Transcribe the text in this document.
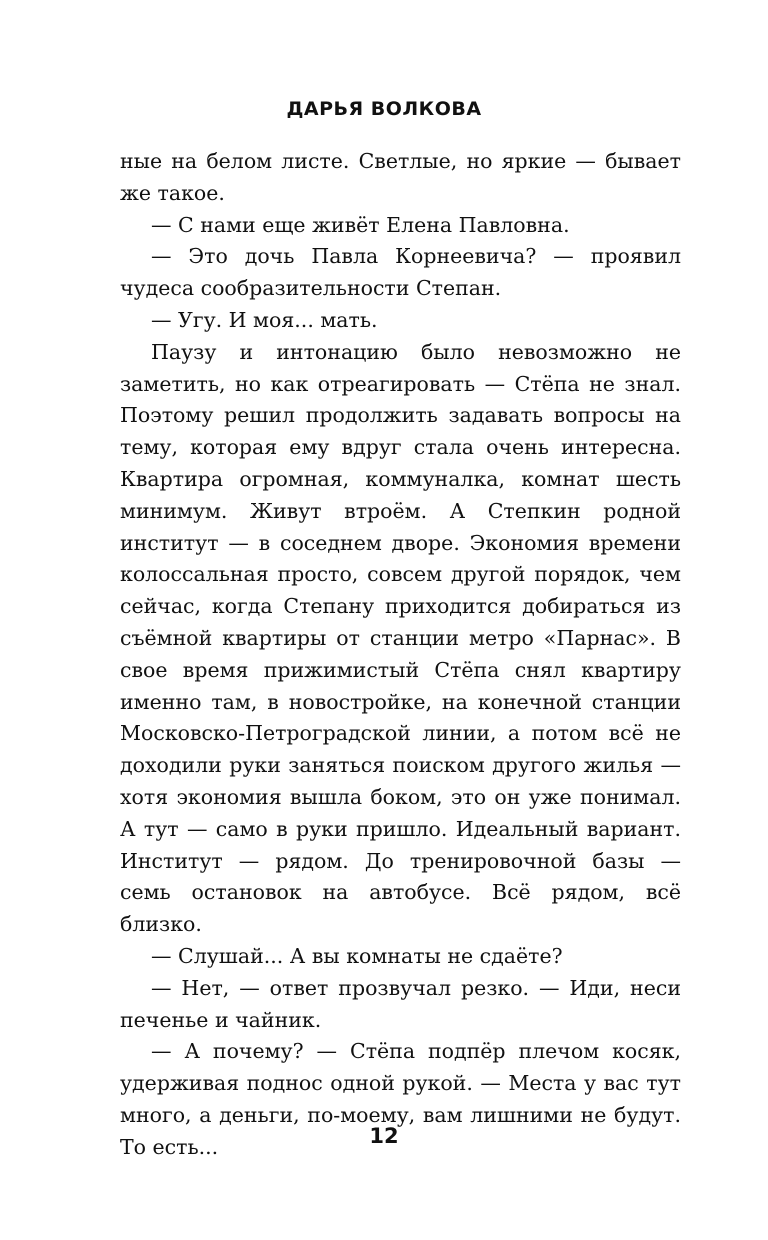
ДАРЬЯ ВОЛКОВА

ные на белом листе. Светлые, но яркие — бывает же такое.

— С нами еще живёт Елена Павловна.

— Это дочь Павла Корнеевича? — проявил чудеса сообразительности Степан.

— Угу. И моя... мать.

Паузу и интонацию было невозможно не заметить, но как отреагировать — Стёпа не знал. Поэтому решил продолжить задавать вопросы на тему, которая ему вдруг стала очень интересна. Квартира огромная, коммуналка, комнат шесть минимум. Живут втроём. А Степкин родной институт — в соседнем дворе. Экономия времени колоссальная просто, совсем другой порядок, чем сейчас, когда Степану приходится добираться из съёмной квартиры от станции метро «Парнас». В свое время прижимистый Стёпа снял квартиру именно там, в новостройке, на конечной станции Московско-Петроградской линии, а потом всё не доходили руки заняться поиском другого жилья — хотя экономия вышла боком, это он уже понимал. А тут — само в руки пришло. Идеальный вариант. Институт — рядом. До тренировочной базы — семь остановок на автобусе. Всё рядом, всё близко.

— Слушай... А вы комнаты не сдаёте?

— Нет, — ответ прозвучал резко. — Иди, неси печенье и чайник.

— А почему? — Стёпа подпёр плечом косяк, удерживая поднос одной рукой. — Места у вас тут много, а деньги, по-моему, вам лишними не будут. То есть...	12
